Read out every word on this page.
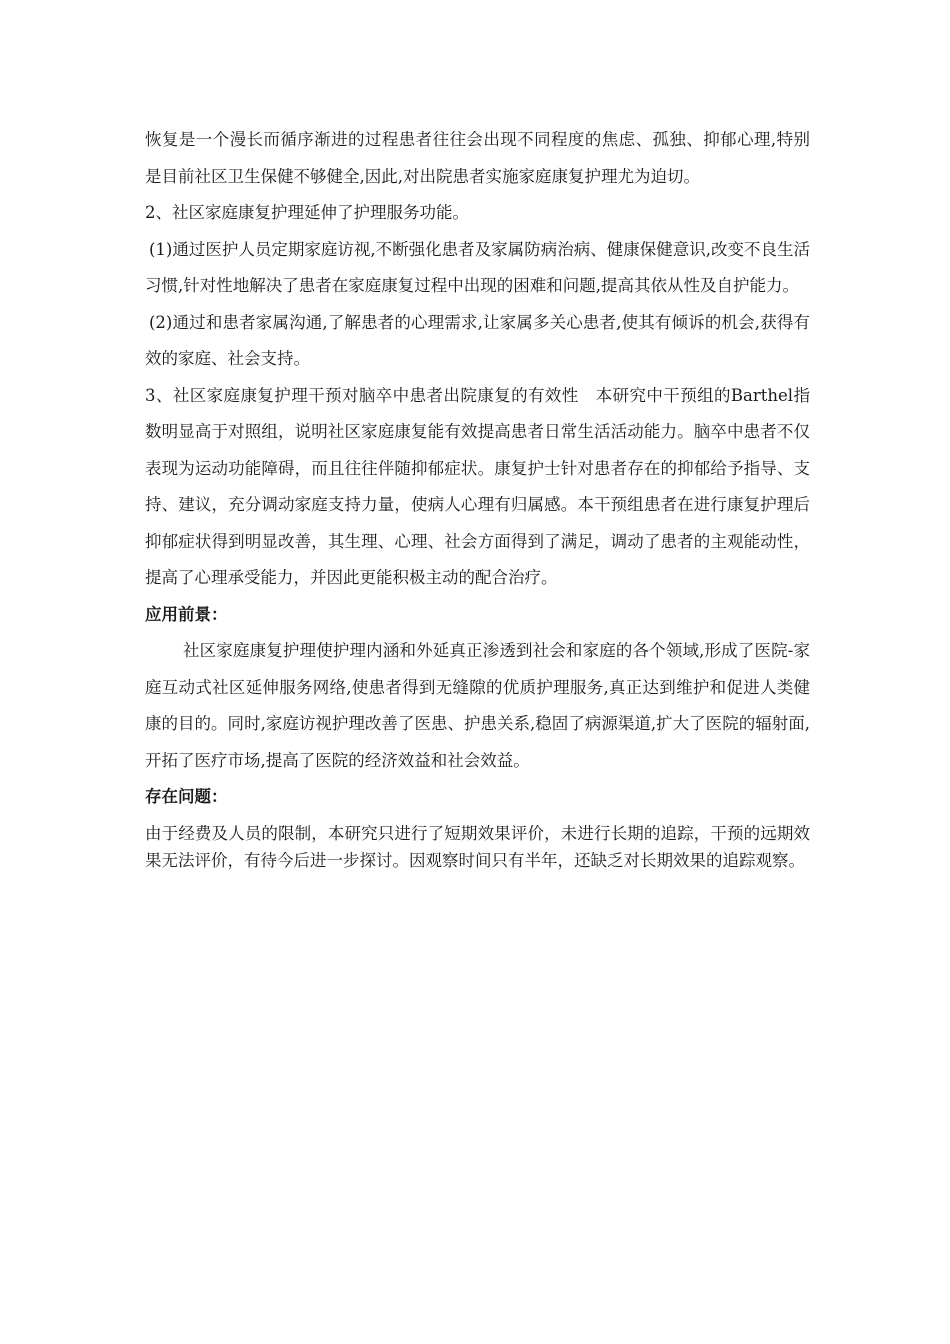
恢复是一个漫长而循序渐进的过程患者往往会出现不同程度的焦虑、孤独、抑郁心理,特别是目前社区卫生保健不够健全,因此,对出院患者实施家庭康复护理尤为迫切。

2、社区家庭康复护理延伸了护理服务功能。

(1)通过医护人员定期家庭访视,不断强化患者及家属防病治病、健康保健意识,改变不良生活习惯,针对性地解决了患者在家庭康复过程中出现的困难和问题,提高其依从性及自护能力。

(2)通过和患者家属沟通,了解患者的心理需求,让家属多关心患者,使其有倾诉的机会,获得有效的家庭、社会支持。

3、社区家庭康复护理干预对脑卒中患者出院康复的有效性　本研究中干预组的Barthel指数明显高于对照组，说明社区家庭康复能有效提高患者日常生活活动能力。脑卒中患者不仅表现为运动功能障碍，而且往往伴随抑郁症状。康复护士针对患者存在的抑郁给予指导、支持、建议，充分调动家庭支持力量，使病人心理有归属感。本干预组患者在进行康复护理后抑郁症状得到明显改善，其生理、心理、社会方面得到了满足，调动了患者的主观能动性，提高了心理承受能力，并因此更能积极主动的配合治疗。

应用前景：

社区家庭康复护理使护理内涵和外延真正渗透到社会和家庭的各个领域,形成了医院-家庭互动式社区延伸服务网络,使患者得到无缝隙的优质护理服务,真正达到维护和促进人类健康的目的。同时,家庭访视护理改善了医患、护患关系,稳固了病源渠道,扩大了医院的辐射面,开拓了医疗市场,提高了医院的经济效益和社会效益。

存在问题：

由于经费及人员的限制，本研究只进行了短期效果评价，未进行长期的追踪，干预的远期效果无法评价，有待今后进一步探讨。因观察时间只有半年，还缺乏对长期效果的追踪观察。
